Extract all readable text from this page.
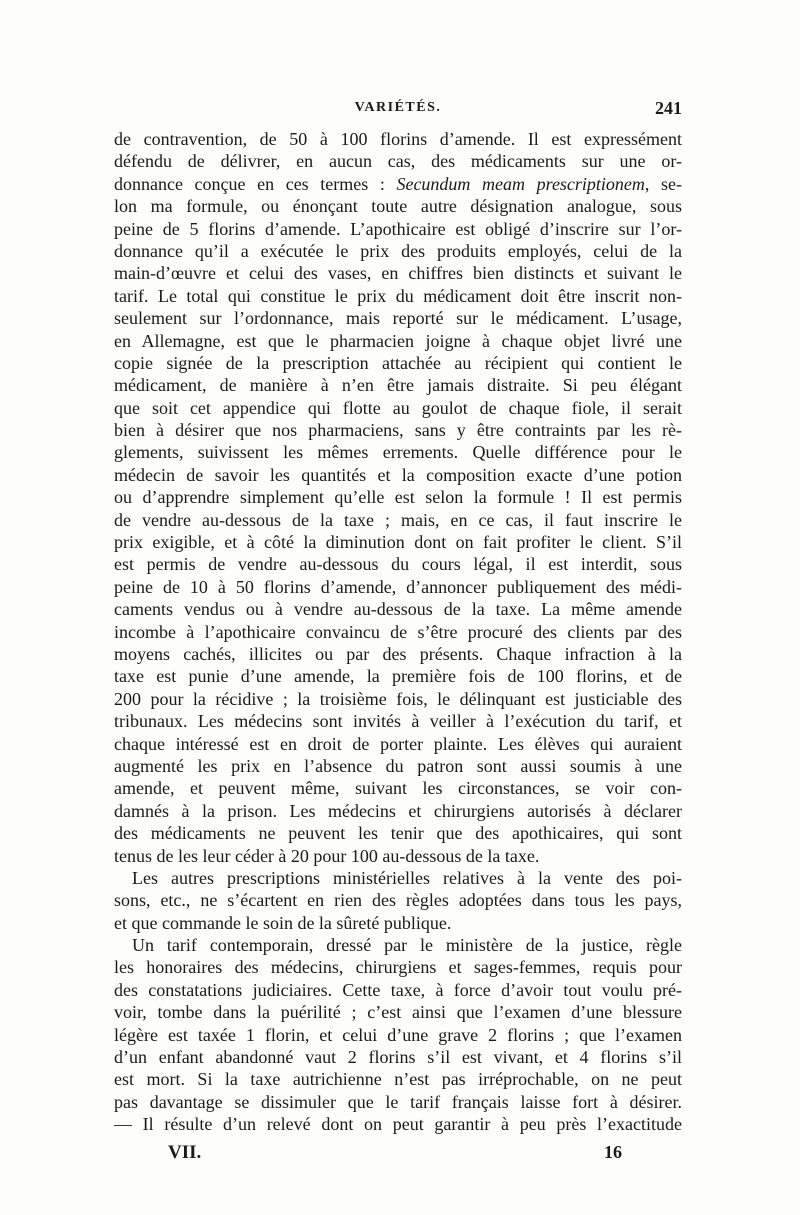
VARIÉTÉS.	241
de contravention, de 50 à 100 florins d’amende. Il est expressément
défendu de délivrer, en aucun cas, des médicaments sur une or-
donnance conçue en ces termes : Secundum meam prescriptionem, se-
lon ma formule, ou énonçant toute autre désignation analogue, sous
peine de 5 florins d’amende. L’apothicaire est obligé d’inscrire sur l’or-
donnance qu’il a exécutée le prix des produits employés, celui de la
main-d’œuvre et celui des vases, en chiffres bien distincts et suivant le
tarif. Le total qui constitue le prix du médicament doit être inscrit non-
seulement sur l’ordonnance, mais reporté sur le médicament. L’usage,
en Allemagne, est que le pharmacien joigne à chaque objet livré une
copie signée de la prescription attachée au récipient qui contient le
médicament, de manière à n’en être jamais distraite. Si peu élégant
que soit cet appendice qui flotte au goulot de chaque fiole, il serait
bien à désirer que nos pharmaciens, sans y être contraints par les rè-
glements, suivissent les mêmes errements. Quelle différence pour le
médecin de savoir les quantités et la composition exacte d’une potion
ou d’apprendre simplement qu’elle est selon la formule ! Il est permis
de vendre au-dessous de la taxe ; mais, en ce cas, il faut inscrire le
prix exigible, et à côté la diminution dont on fait profiter le client. S’il
est permis de vendre au-dessous du cours légal, il est interdit, sous
peine de 10 à 50 florins d’amende, d’annoncer publiquement des médi-
caments vendus ou à vendre au-dessous de la taxe. La même amende
incombe à l’apothicaire convaincu de s’être procuré des clients par des
moyens cachés, illicites ou par des présents. Chaque infraction à la
taxe est punie d’une amende, la première fois de 100 florins, et de
200 pour la récidive ; la troisième fois, le délinquant est justiciable des
tribunaux. Les médecins sont invités à veiller à l’exécution du tarif, et
chaque intéressé est en droit de porter plainte. Les élèves qui auraient
augmenté les prix en l’absence du patron sont aussi soumis à une
amende, et peuvent même, suivant les circonstances, se voir con-
damnés à la prison. Les médecins et chirurgiens autorisés à déclarer
des médicaments ne peuvent les tenir que des apothicaires, qui sont
tenus de les leur céder à 20 pour 100 au-dessous de la taxe.
Les autres prescriptions ministérielles relatives à la vente des poi-
sons, etc., ne s’écartent en rien des règles adoptées dans tous les pays,
et que commande le soin de la sûreté publique.
Un tarif contemporain, dressé par le ministère de la justice, règle
les honoraires des médecins, chirurgiens et sages-femmes, requis pour
des constatations judiciaires. Cette taxe, à force d’avoir tout voulu pré-
voir, tombe dans la puérilité ; c’est ainsi que l’examen d’une blessure
légère est taxée 1 florin, et celui d’une grave 2 florins ; que l’examen
d’un enfant abandonné vaut 2 florins s’il est vivant, et 4 florins s’il
est mort. Si la taxe autrichienne n’est pas irréprochable, on ne peut
pas davantage se dissimuler que le tarif français laisse fort à désirer.
— Il résulte d’un relevé dont on peut garantir à peu près l’exactitude
VII.	16
